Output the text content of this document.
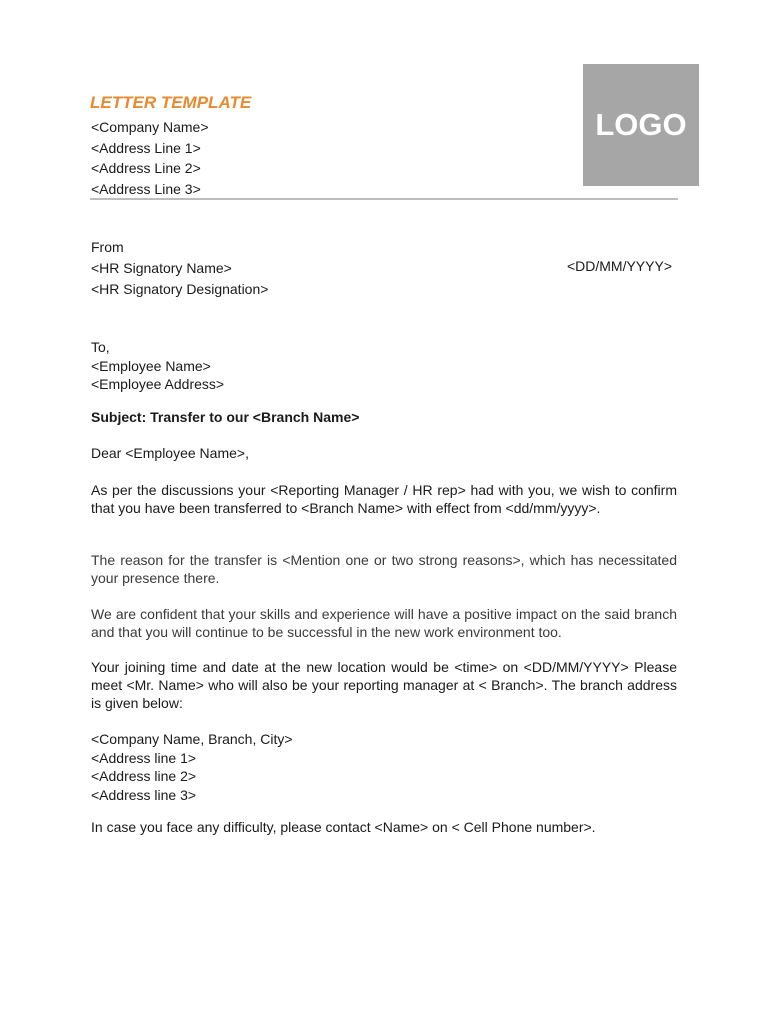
LETTER TEMPLATE
<Company Name>
<Address Line 1>
<Address Line 2>
<Address Line 3>
LOGO
From
<HR Signatory Name>
<HR Signatory Designation>
<DD/MM/YYYY>
To,
<Employee Name>
<Employee Address>
Subject: Transfer to our <Branch Name>
Dear <Employee Name>,
As per the discussions your <Reporting Manager / HR rep> had with you, we wish to confirm that you have been transferred to <Branch Name> with effect from <dd/mm/yyyy>.
The reason for the transfer is <Mention one or two strong reasons>, which has necessitated your presence there.
We are confident that your skills and experience will have a positive impact on the said branch and that you will continue to be successful in the new work environment too.
Your joining time and date at the new location would be <time> on <DD/MM/YYYY> Please meet <Mr. Name> who will also be your reporting manager at < Branch>. The branch address is given below:
<Company Name, Branch, City>
<Address line 1>
<Address line 2>
<Address line 3>
In case you face any difficulty, please contact <Name> on < Cell Phone number>.
